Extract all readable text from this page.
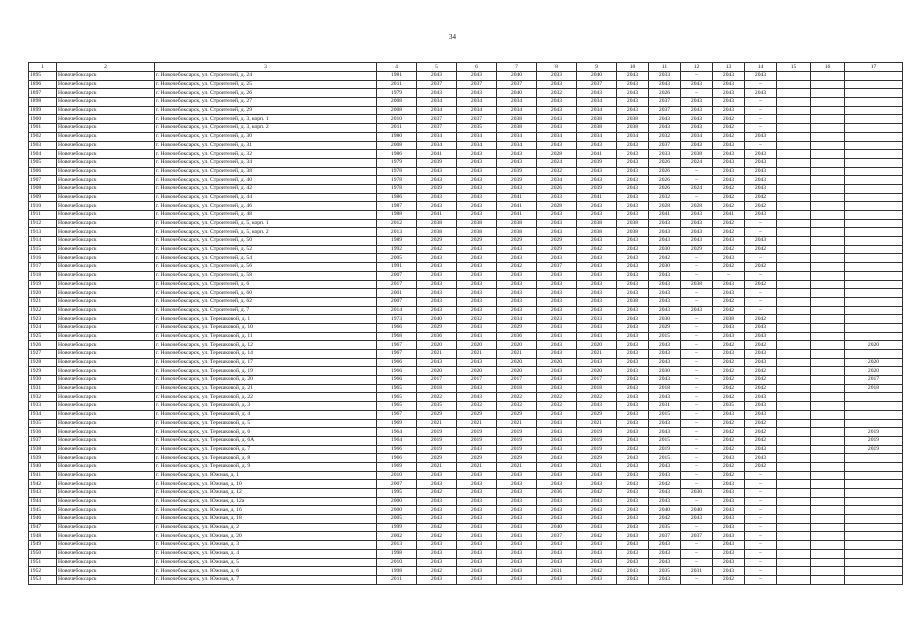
34
1	2	3	4	5	6	7	8	9	10	11	12	13	14	15	16	17
1895	Новочебоксарск	г. Новочебоксарск, ул. Строителей, д. 24	1981	2043	2043	2040	2033	2040	2043	2033	–	2043	2043			
1896	Новочебоксарск	г. Новочебоксарск, ул. Строителей, д. 25	2011	2037	2037	2037	2043	2037	2043	2043	2043	2043	–			
1897	Новочебоксарск	г. Новочебоксарск, ул. Строителей, д. 26	1979	2043	2043	2040	2032	2043	2043	2026	–	2043	2043			
1898	Новочебоксарск	г. Новочебоксарск, ул. Строителей, д. 27	2008	2034	2034	2034	2043	2034	2043	2037	2043	2043	–			
1899	Новочебоксарск	г. Новочебоксарск, ул. Строителей, д. 29	2008	2034	2034	2034	2043	2034	2043	2037	2043	2043	–			
1900	Новочебоксарск	г. Новочебоксарск, ул. Строителей, д. 3, корп. 1	2010	2037	2037	2038	2043	2038	2038	2043	2043	2042	–			
1901	Новочебоксарск	г. Новочебоксарск, ул. Строителей, д. 3, корп. 2	2011	2037	2035	2038	2043	2038	2038	2043	2043	2042	–			
1902	Новочебоксарск	г. Новочебоксарск, ул. Строителей, д. 30	1980	2034	2034	2034	2034	2034	2034	2032	2034	2042	2043			
1903	Новочебоксарск	г. Новочебоксарск, ул. Строителей, д. 31	2008	2034	2034	2034	2043	2043	2043	2037	2043	2043	–			
1904	Новочебоксарск	г. Новочебоксарск, ул. Строителей, д. 32	1986	2041	2043	2043	2028	2041	2043	2033	2038	2043	2043			
1905	Новочебоксарск	г. Новочебоксарск, ул. Строителей, д. 34	1979	2039	2043	2043	2024	2039	2043	2026	2024	2043	2043			
1906	Новочебоксарск	г. Новочебоксарск, ул. Строителей, д. 38	1978	2043	2043	2039	2032	2043	2043	2026	–	2043	2043			
1907	Новочебоксарск	г. Новочебоксарск, ул. Строителей, д. 40	1978	2043	2043	2039	2034	2043	2043	2026	–	2043	2043			
1908	Новочебоксарск	г. Новочебоксарск, ул. Строителей, д. 42	1978	2039	2043	2043	2026	2039	2043	2026	2024	2042	2043			
1909	Новочебоксарск	г. Новочебоксарск, ул. Строителей, д. 44	1986	2043	2043	2041	2033	2041	2043	2032	–	2042	2042			
1910	Новочебоксарск	г. Новочебоксарск, ул. Строителей, д. 46	1987	2043	2043	2041	2028	2043	2043	2028	2028	2042	2042			
1911	Новочебоксарск	г. Новочебоксарск, ул. Строителей, д. 48	1988	2041	2043	2041	2043	2043	2043	2041	2043	2041	2043			
1912	Новочебоксарск	г. Новочебоксарск, ул. Строителей, д. 5, корп. 1	2012	2038	2038	2038	2043	2038	2038	2043	2043	2042	–			
1913	Новочебоксарск	г. Новочебоксарск, ул. Строителей, д. 5, корп. 2	2013	2038	2038	2038	2043	2038	2038	2043	2043	2042	–			
1914	Новочебоксарск	г. Новочебоксарск, ул. Строителей, д. 50	1989	2029	2029	2029	2029	2043	2043	2043	2043	2043	2043			
1915	Новочебоксарск	г. Новочебоксарск, ул. Строителей, д. 52	1992	2042	2043	2043	2029	2042	2043	2030	2029	2042	2042			
1916	Новочебоксарск	г. Новочебоксарск, ул. Строителей, д. 54	2005	2043	2043	2043	2043	2043	2043	2042	–	2043	–			
1917	Новочебоксарск	г. Новочебоксарск, ул. Строителей, д. 56	1991	2043	2043	2042	2037	2043	2043	2030	–	2042	2042			
1918	Новочебоксарск	г. Новочебоксарск, ул. Строителей, д. 58	2007	2043	2043	2043	2043	2043	2043	2043	–	–	–			
1919	Новочебоксарск	г. Новочебоксарск, ул. Строителей, д. 6	2017	2043	2043	2043	2043	2043	2043	2043	2038	2043	2042			
1920	Новочебоксарск	г. Новочебоксарск, ул. Строителей, д. 60	2001	2043	2043	2043	2043	2043	2043	2043	–	2043	–			
1921	Новочебоксарск	г. Новочебоксарск, ул. Строителей, д. 62	2007	2043	2043	2043	2043	2043	2038	2043	–	2042	–			
1922	Новочебоксарск	г. Новочебоксарск, ул. Строителей, д. 7	2014	2043	2043	2043	2043	2043	2043	2043	2043	2042	–			
1923	Новочебоксарск	г. Новочебоксарск, ул. Терешковой, д. 1	1973	2040	2032	2034	2023	2033	2043	2030	–	2038	2042			
1924	Новочебоксарск	г. Новочебоксарск, ул. Терешковой, д. 10	1966	2029	2043	2029	2043	2043	2043	2029	–	2043	2043			
1925	Новочебоксарск	г. Новочебоксарск, ул. Терешковой, д. 11	1968	2036	2043	2036	2043	2043	2043	2015	–	2043	2043			
1926	Новочебоксарск	г. Новочебоксарск, ул. Терешковой, д. 12	1967	2020	2020	2020	2043	2020	2043	2043	–	2042	2042			2020
1927	Новочебоксарск	г. Новочебоксарск, ул. Терешковой, д. 14	1967	2021	2021	2021	2043	2021	2043	2043	–	2043	2043			
1928	Новочебоксарск	г. Новочебоксарск, ул. Терешковой, д. 17	1966	2043	2043	2020	2020	2043	2043	2043	–	2042	2043			2020
1929	Новочебоксарск	г. Новочебоксарск, ул. Терешковой, д. 19	1966	2020	2020	2020	2043	2020	2043	2030	–	2042	2042			2020
1930	Новочебоксарск	г. Новочебоксарск, ул. Терешковой, д. 20	1966	2017	2017	2017	2043	2017	2043	2043	–	2042	2042			2017
1931	Новочебоксарск	г. Новочебоксарск, ул. Терешковой, д. 21	1965	2018	2043	2018	2043	2018	2043	2018	–	2042	2042			2018
1932	Новочебоксарск	г. Новочебоксарск, ул. Терешковой, д. 22	1965	2022	2043	2022	2022	2022	2043	2043	–	2042	2043			
1933	Новочебоксарск	г. Новочебоксарск, ул. Терешковой, д. 3	1965	2035	2032	2032	2032	2043	2043	2031	–	2035	2043			
1934	Новочебоксарск	г. Новочебоксарск, ул. Терешковой, д. 4	1967	2029	2029	2029	2043	2029	2043	2015	–	2043	2043			
1935	Новочебоксарск	г. Новочебоксарск, ул. Терешковой, д. 5	1969	2021	2021	2021	2043	2021	2043	2043	–	2042	2042			
1936	Новочебоксарск	г. Новочебоксарск, ул. Терешковой, д. 6	1964	2019	2019	2019	2043	2019	2043	2043	–	2042	2042			2019
1937	Новочебоксарск	г. Новочебоксарск, ул. Терешковой, д. 6А	1964	2019	2019	2019	2043	2019	2043	2015	–	2042	2042			2019
1938	Новочебоксарск	г. Новочебоксарск, ул. Терешковой, д. 7	1966	2019	2043	2019	2043	2019	2043	2019	–	2042	2043			2019
1939	Новочебоксарск	г. Новочебоксарск, ул. Терешковой, д. 8	1966	2029	2029	2029	2043	2029	2043	2015	–	2043	2043			
1940	Новочебоксарск	г. Новочебоксарск, ул. Терешковой, д. 9	1969	2021	2021	2021	2043	2021	2043	2043	–	2042	2042			
1941	Новочебоксарск	г. Новочебоксарск, ул. Южная, д. 1	2010	2043	2043	2043	2043	2043	2043	2043	–	2042	–			
1942	Новочебоксарск	г. Новочебоксарск, ул. Южная, д. 10	2007	2043	2043	2043	2043	2043	2043	2042	–	2043	–			
1943	Новочебоксарск	г. Новочебоксарск, ул. Южная, д. 12	1995	2042	2043	2043	2036	2042	2043	2043	2030	2043	–			
1944	Новочебоксарск	г. Новочебоксарск, ул. Южная, д. 12а	2000	2043	2043	2043	2043	2043	2043	2043	–	2043	–			
1945	Новочебоксарск	г. Новочебоксарск, ул. Южная, д. 16	2000	2043	2043	2043	2043	2043	2043	2040	2040	2043	–			
1946	Новочебоксарск	г. Новочебоксарск, ул. Южная, д. 18	2005	2043	2043	2043	2043	2043	2043	2042	2043	2043	–			
1947	Новочебоксарск	г. Новочебоксарск, ул. Южная, д. 2	1999	2042	2043	2043	2040	2043	2043	2035	–	2043	–			
1948	Новочебоксарск	г. Новочебоксарск, ул. Южная, д. 20	2002	2042	2043	2043	2037	2042	2043	2037	2037	2043	–			
1949	Новочебоксарск	г. Новочебоксарск, ул. Южная, д. 3	2013	2043	2043	2043	2043	2043	2043	2043	–	2043	–			
1950	Новочебоксарск	г. Новочебоксарск, ул. Южная, д. 4	1998	2043	2043	2043	2043	2043	2043	2043	–	2043	–			
1951	Новочебоксарск	г. Новочебоксарск, ул. Южная, д. 5	2010	2043	2043	2043	2043	2043	2043	2043	–	2043	–			
1952	Новочебоксарск	г. Новочебоксарск, ул. Южная, д. 6	1998	2042	2043	2043	2031	2042	2043	2035	2031	2043	–			
1953	Новочебоксарск	г. Новочебоксарск, ул. Южная, д. 7	2011	2043	2043	2043	2043	2043	2043	2043	–	2042	–			
